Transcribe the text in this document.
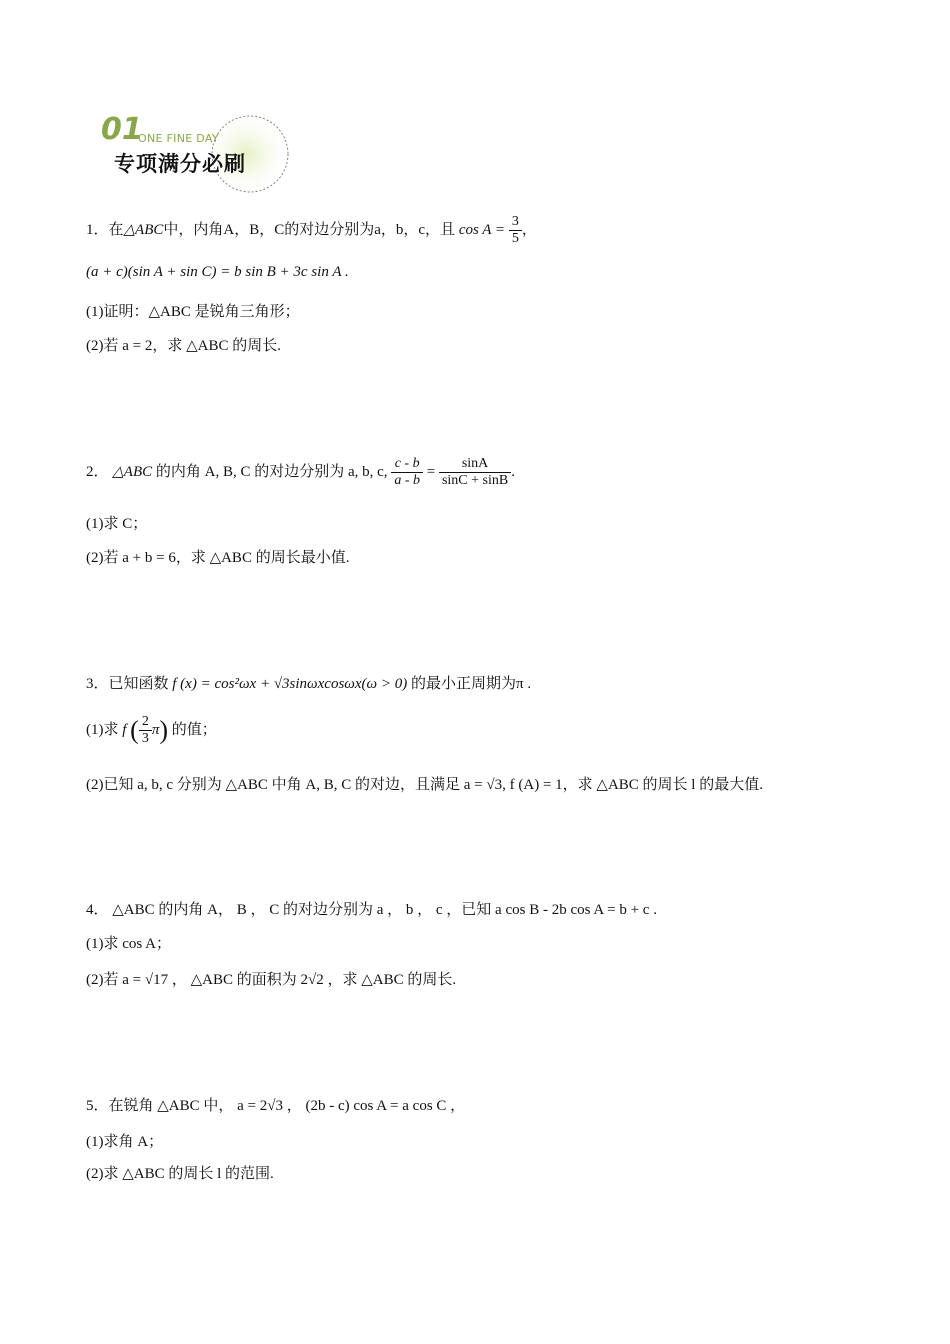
01
ONE FINE DAY
专项满分必刷
1．在△ABC中，内角A，B，C的对边分别为a，b，c，且 $\cos A = \frac{3}{5}$ ，
(a + c)(sin A + sin C) = b sin B + 3c sin A .
(1)证明：△ABC 是锐角三角形；
(2)若 a = 2，求 △ABC 的周长.
2． △ABC 的内角 A, B, C 的对边分别为 a, b, c, $\frac{c - b}{a - b} = \frac{\sin A}{\sin C + \sin B}$ .
(1)求 C；
(2)若 a + b = 6，求 △ABC 的周长最小值.
3．已知函数 f (x) = cos²ωx + √3sinωxcosωx(ω > 0) 的最小正周期为π .
(1)求 f ( $\frac{2}{3} \pi$) 的值；
(2)已知 a, b, c 分别为 △ABC 中角 A, B, C 的对边，且满足 a = √3, f (A) = 1，求 △ABC 的周长 l 的最大值.
4． △ABC 的内角 A， B ， C 的对边分别为 a ， b ， c ，已知 a cos B - 2b cos A = b + c .
(1)求 cos A；
(2)若 a = √17 ， △ABC 的面积为 2√2 ，求 △ABC 的周长.
5．在锐角 △ABC 中， a = 2√3 ， (2b - c) cos A = a cos C ，
(1)求角 A；
(2)求 △ABC 的周长 l 的范围.
